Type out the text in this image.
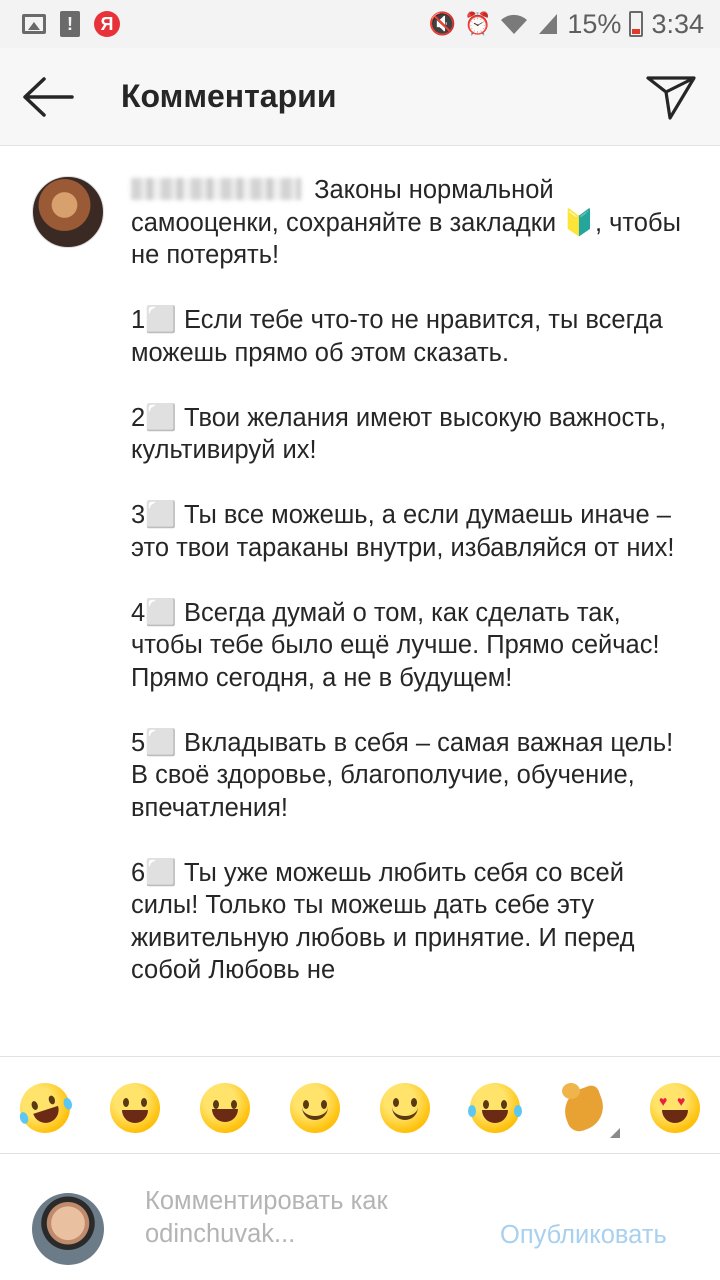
!	Я	🔇 ⏰	15% 3:34
Комментарии
Законы нормальной самооценки, сохраняйте в закладки 🔰, чтобы не потерять!

1⬜️ Если тебе что-то не нравится, ты всегда можешь прямо об этом сказать.

2⬜️ Твои желания имеют высокую важность, культивируй их!

3⬜️ Ты все можешь, а если думаешь иначе – это твои тараканы внутри, избавляйся от них!

4⬜️ Всегда думай о том, как сделать так, чтобы тебе было ещё лучше. Прямо сейчас! Прямо сегодня, а не в будущем!

5⬜️ Вкладывать в себя – самая важная цель! В своё здоровье, благополучие, обучение, впечатления!

6⬜️ Ты уже можешь любить себя со всей силы! Только ты можешь дать себе эту живительную любовь и принятие. И перед собой Любовь не
♥ ♥
Комментировать как odinchuvak...	Опубликовать
